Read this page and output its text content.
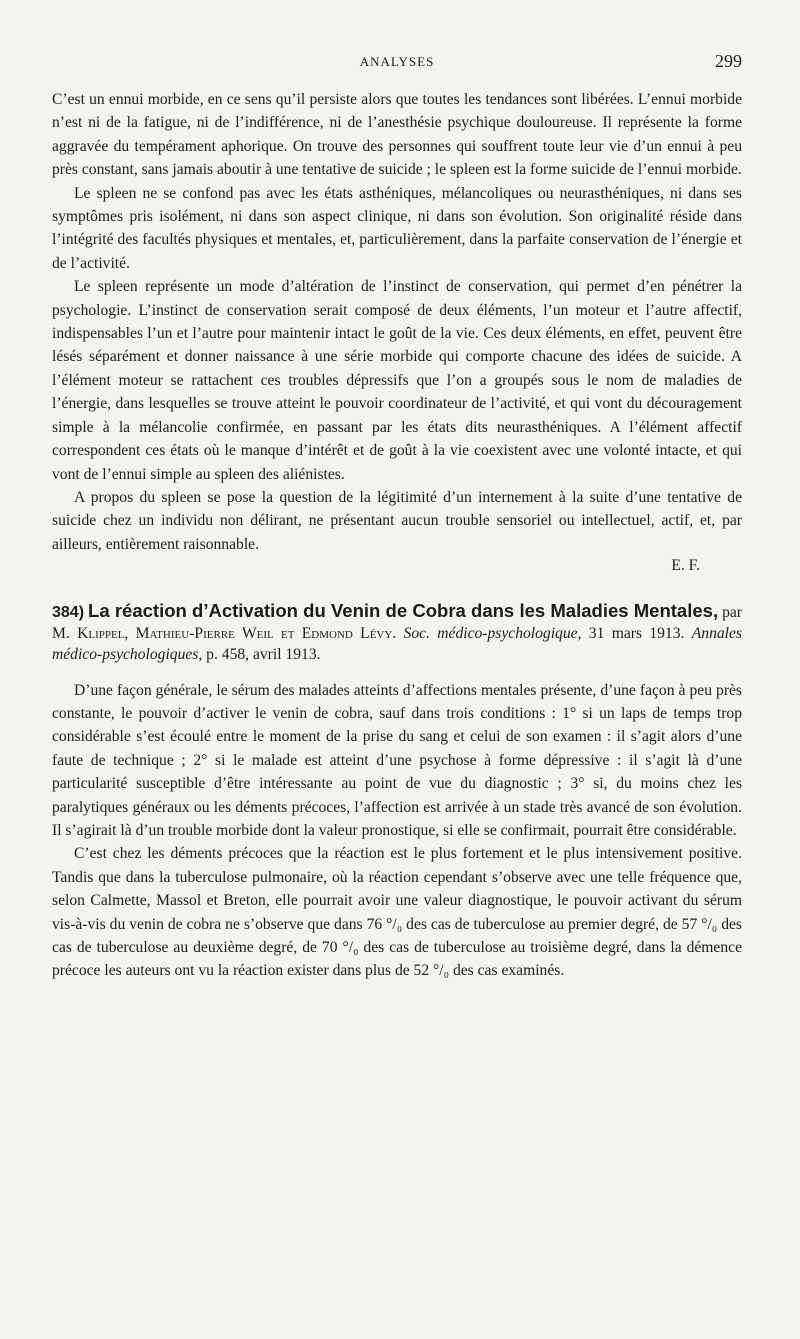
ANALYSES	299

C’est un ennui morbide, en ce sens qu’il persiste alors que toutes les tendances sont libérées. L’ennui morbide n’est ni de la fatigue, ni de l’indifférence, ni de l’anesthésie psychique douloureuse. Il représente la forme aggravée du tempérament aphorique. On trouve des personnes qui souffrent toute leur vie d’un ennui à peu près constant, sans jamais aboutir à une tentative de suicide ; le spleen est la forme suicide de l’ennui morbide.

Le spleen ne se confond pas avec les états asthéniques, mélancoliques ou neurasthéniques, ni dans ses symptômes pris isolément, ni dans son aspect clinique, ni dans son évolution. Son originalité réside dans l’intégrité des facultés physiques et mentales, et, particulièrement, dans la parfaite conservation de l’énergie et de l’activité.

Le spleen représente un mode d’altération de l’instinct de conservation, qui permet d’en pénétrer la psychologie. L’instinct de conservation serait composé de deux éléments, l’un moteur et l’autre affectif, indispensables l’un et l’autre pour maintenir intact le goût de la vie. Ces deux éléments, en effet, peuvent être lésés séparément et donner naissance à une série morbide qui comporte chacune des idées de suicide. A l’élément moteur se rattachent ces troubles dépressifs que l’on a groupés sous le nom de maladies de l’énergie, dans lesquelles se trouve atteint le pouvoir coordinateur de l’activité, et qui vont du découragement simple à la mélancolie confirmée, en passant par les états dits neurasthéniques. A l’élément affectif correspondent ces états où le manque d’intérêt et de goût à la vie coexistent avec une volonté intacte, et qui vont de l’ennui simple au spleen des aliénistes.

A propos du spleen se pose la question de la légitimité d’un internement à la suite d’une tentative de suicide chez un individu non délirant, ne présentant aucun trouble sensoriel ou intellectuel, actif, et, par ailleurs, entièrement raisonnable.

E. F.
384) La réaction d’Activation du Venin de Cobra dans les Maladies Mentales, par M. Klippel, Mathieu-Pierre Weil et Edmond Lévy. Soc. médico-psychologique, 31 mars 1913. Annales médico-psychologiques, p. 458, avril 1913.

D’une façon générale, le sérum des malades atteints d’affections mentales présente, d’une façon à peu près constante, le pouvoir d’activer le venin de cobra, sauf dans trois conditions : 1° si un laps de temps trop considérable s’est écoulé entre le moment de la prise du sang et celui de son examen : il s’agit alors d’une faute de technique ; 2° si le malade est atteint d’une psychose à forme dépressive : il s’agit là d’une particularité susceptible d’être intéressante au point de vue du diagnostic ; 3° si, du moins chez les paralytiques généraux ou les déments précoces, l’affection est arrivée à un stade très avancé de son évolution. Il s’agirait là d’un trouble morbide dont la valeur pronostique, si elle se confirmait, pourrait être considérable.

C’est chez les déments précoces que la réaction est le plus fortement et le plus intensivement positive. Tandis que dans la tuberculose pulmonaire, où la réaction cependant s’observe avec une telle fréquence que, selon Calmette, Massol et Breton, elle pourrait avoir une valeur diagnostique, le pouvoir activant du sérum vis-à-vis du venin de cobra ne s’observe que dans 76 °/₀ des cas de tuberculose au premier degré, de 57 °/₀ des cas de tuberculose au deuxième degré, de 70 °/₀ des cas de tuberculose au troisième degré, dans la démence précoce les auteurs ont vu la réaction exister dans plus de 52 °/₀ des cas examinés.
